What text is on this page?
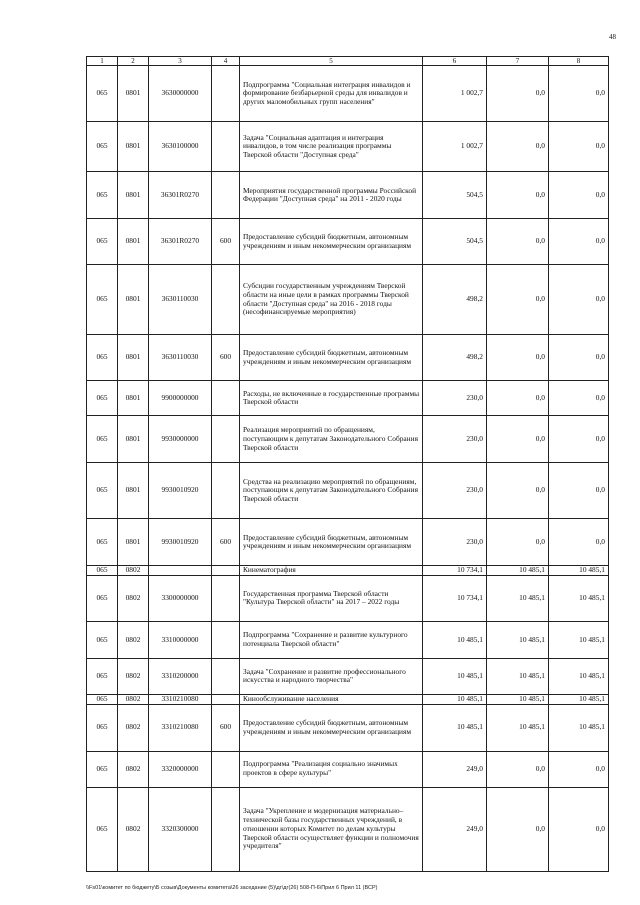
48
1	2	3	4	5	6	7	8
065	0801	3630000000		Подпрограмма "Социальная интеграция инвалидов и формирование безбарьерной среды для инвалидов и других маломобильных групп населения"	1 002,7	0,0	0,0
065	0801	3630100000		Задача "Социальная адаптация и интеграция инвалидов, в том числе реализация программы Тверской области "Доступная среда"	1 002,7	0,0	0,0
065	0801	36301R0270		Мероприятия государственной программы Российской Федерации "Доступная среда" на 2011 - 2020 годы	504,5	0,0	0,0
065	0801	36301R0270	600	Предоставление субсидий бюджетным, автономным учреждениям и иным некоммерческим организациям	504,5	0,0	0,0
065	0801	3630110030		Субсидии государственным учреждениям Тверской области на иные цели в рамках программы Тверской области "Доступная среда" на 2016 - 2018 годы (несофинансируемые мероприятия)	498,2	0,0	0,0
065	0801	3630110030	600	Предоставление субсидий бюджетным, автономным учреждениям и иным некоммерческим организациям	498,2	0,0	0,0
065	0801	9900000000		Расходы, не включенные в государственные программы Тверской области	230,0	0,0	0,0
065	0801	9930000000		Реализация мероприятий по обращениям, поступающим к депутатам Законодательного Собрания Тверской области	230,0	0,0	0,0
065	0801	9930010920		Средства на реализацию мероприятий по обращениям, поступающим к депутатам Законодательного Собрания Тверской области	230,0	0,0	0,0
065	0801	9930010920	600	Предоставление субсидий бюджетным, автономным учреждениям и иным некоммерческим организациям	230,0	0,0	0,0
065	0802			Кинематография	10 734,1	10 485,1	10 485,1
065	0802	3300000000		Государственная программа Тверской области "Культура Тверской области" на 2017 – 2022 годы	10 734,1	10 485,1	10 485,1
065	0802	3310000000		Подпрограмма "Сохранение и развитие культурного потенциала Тверской области"	10 485,1	10 485,1	10 485,1
065	0802	3310200000		Задача "Сохранение и развитие профессионального искусства и народного творчества"	10 485,1	10 485,1	10 485,1
065	0802	3310210080		Кинообслуживание населения	10 485,1	10 485,1	10 485,1
065	0802	3310210080	600	Предоставление субсидий бюджетным, автономным учреждениям и иным некоммерческим организациям	10 485,1	10 485,1	10 485,1
065	0802	3320000000		Подпрограмма "Реализация социально значимых проектов в сфере культуры"	249,0	0,0	0,0
065	0802	3320300000		Задача "Укрепление и модернизация материально–технической базы государственных учреждений, в отношении которых Комитет по делам культуры Тверской области осуществляет функции и полномочия учредителя"	249,0	0,0	0,0
\\Fs01\комитет по бюджету\Б созыв\Документы комитета\26 заседание (5)\дг\дг(26) 508-П-6\Прил 6 Прил 11 (ВСР)
